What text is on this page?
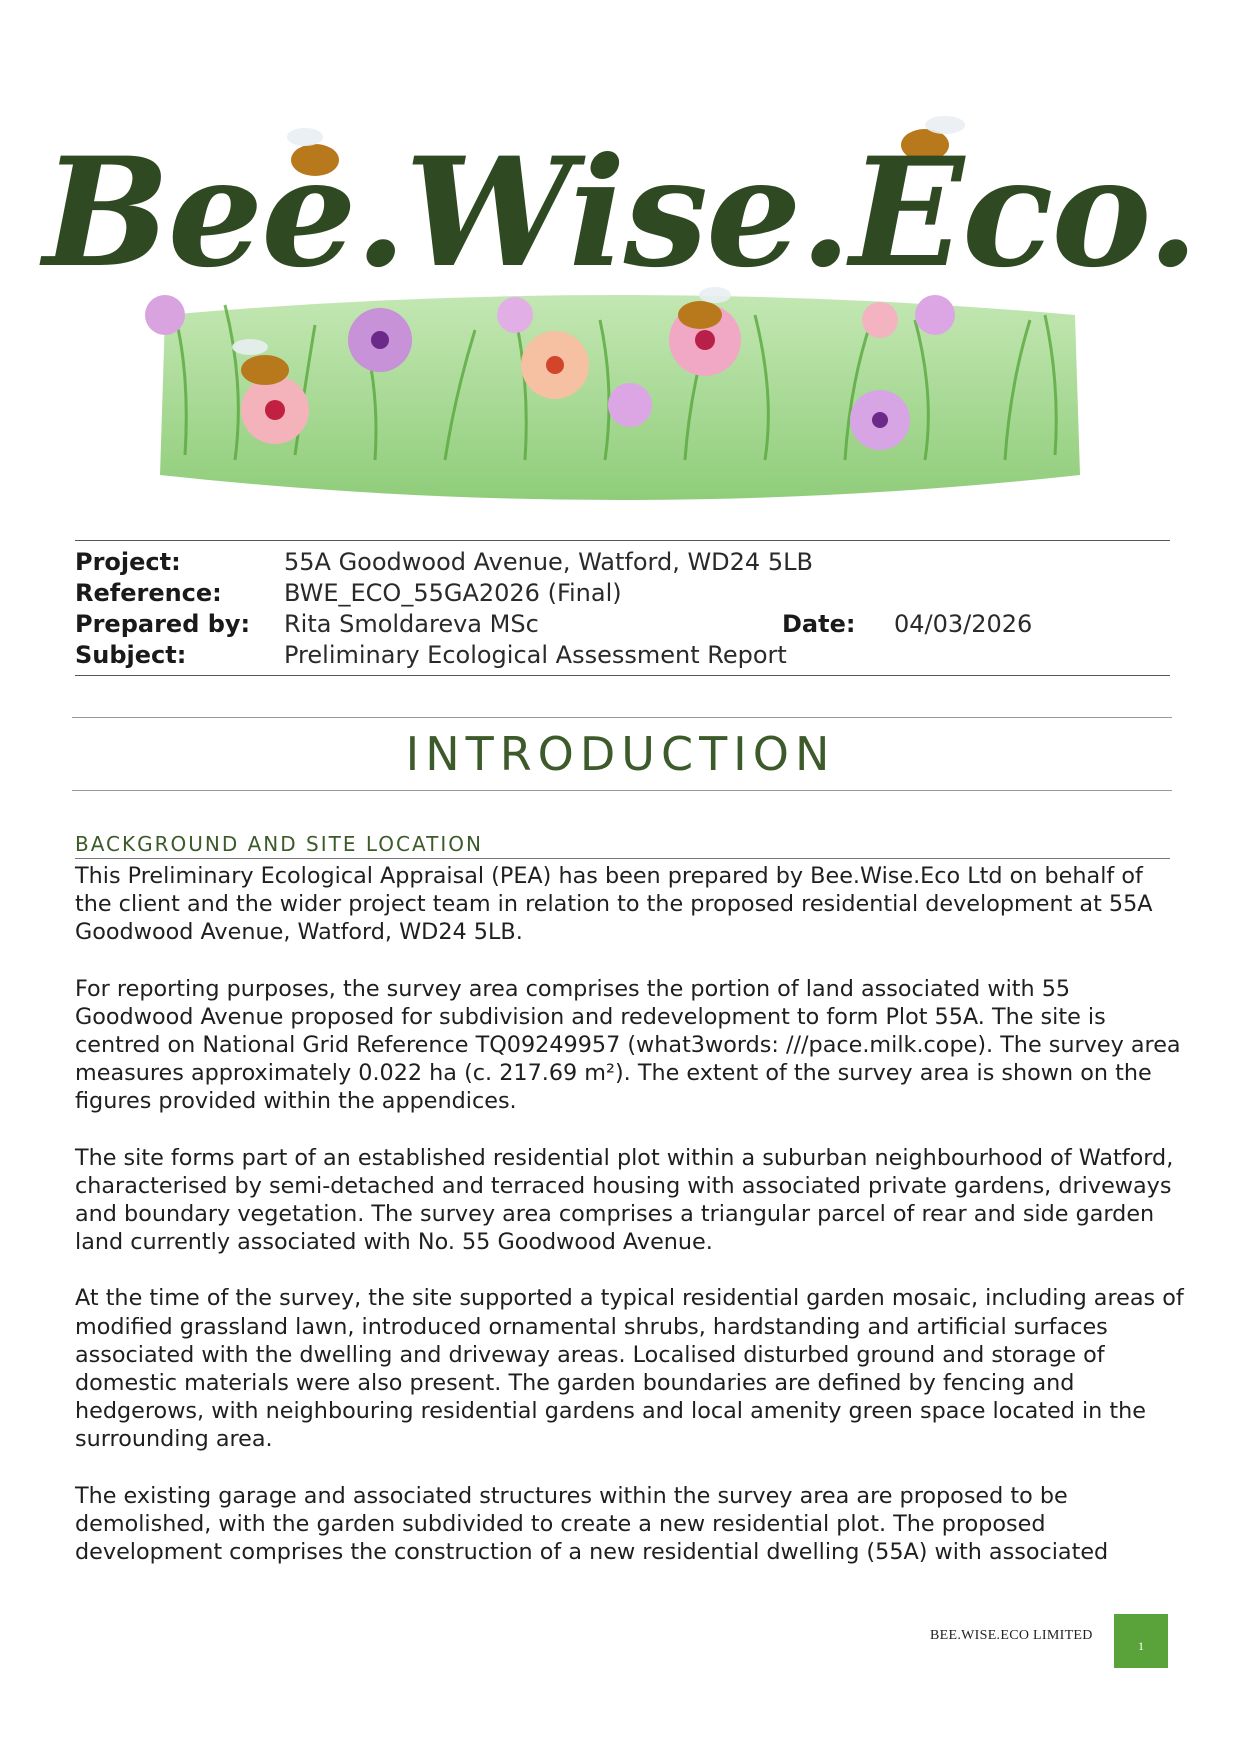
Bee.Wise.Eco.
Project:	55A Goodwood Avenue, Watford, WD24 5LB
Reference:	BWE_ECO_55GA2026 (Final)
Prepared by: Rita Smoldareva MSc	Date: 04/03/2026
Subject:	Preliminary Ecological Assessment Report
INTRODUCTION
BACKGROUND AND SITE LOCATION

This Preliminary Ecological Appraisal (PEA) has been prepared by Bee.Wise.Eco Ltd on behalf of the client and the wider project team in relation to the proposed residential development at 55A Goodwood Avenue, Watford, WD24 5LB.

For reporting purposes, the survey area comprises the portion of land associated with 55 Goodwood Avenue proposed for subdivision and redevelopment to form Plot 55A. The site is centred on National Grid Reference TQ09249957 (what3words: ///pace.milk.cope). The survey area measures approximately 0.022 ha (c. 217.69 m²). The extent of the survey area is shown on the figures provided within the appendices.

The site forms part of an established residential plot within a suburban neighbourhood of Watford, characterised by semi-detached and terraced housing with associated private gardens, driveways and boundary vegetation. The survey area comprises a triangular parcel of rear and side garden land currently associated with No. 55 Goodwood Avenue.

At the time of the survey, the site supported a typical residential garden mosaic, including areas of modified grassland lawn, introduced ornamental shrubs, hardstanding and artificial surfaces associated with the dwelling and driveway areas. Localised disturbed ground and storage of domestic materials were also present. The garden boundaries are defined by fencing and hedgerows, with neighbouring residential gardens and local amenity green space located in the surrounding area.

The existing garage and associated structures within the survey area are proposed to be demolished, with the garden subdivided to create a new residential plot. The proposed development comprises the construction of a new residential dwelling (55A) with associated

BEE.WISE.ECO LIMITED
1
